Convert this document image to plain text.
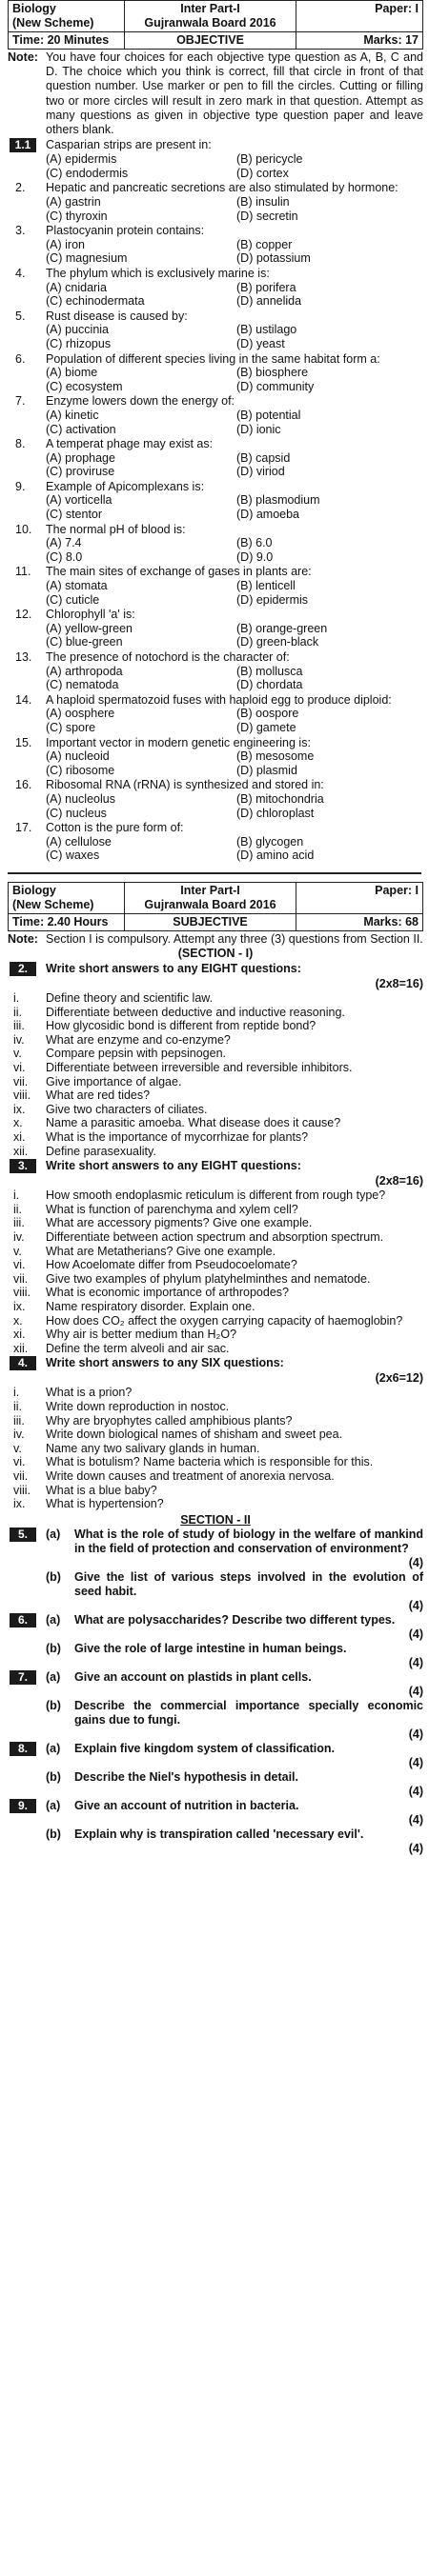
Biology
(New Scheme)
Inter Part-I
Gujranwala Board 2016
Paper: I

Time: 20 Minutes	OBJECTIVE	Marks: 17
Note: You have four choices for each objective type question as A, B, C and D. The choice which you think is correct, fill that circle in front of that question number. Use marker or pen to fill the circles. Cutting or filling two or more circles will result in zero mark in that question. Attempt as many questions as given in objective type question paper and leave others blank.
1.1	Casparian strips are present in:
(A) epidermis	(B) pericycle
(C) endodermis	(D) cortex
2.	Hepatic and pancreatic secretions are also stimulated by hormone:
(A) gastrin	(B) insulin
(C) thyroxin	(D) secretin
3.	Plastocyanin protein contains:
(A) iron	(B) copper
(C) magnesium	(D) potassium
4.	The phylum which is exclusively marine is:
(A) cnidaria	(B) porifera
(C) echinodermata	(D) annelida
5.	Rust disease is caused by:
(A) puccinia	(B) ustilago
(C) rhizopus	(D) yeast
6.	Population of different species living in the same habitat form a:
(A) biome	(B) biosphere
(C) ecosystem	(D) community
7.	Enzyme lowers down the energy of:
(A) kinetic	(B) potential
(C) activation	(D) ionic
8.	A temperat phage may exist as:
(A) prophage	(B) capsid
(C) proviruse	(D) viriod
9.	Example of Apicomplexans is:
(A) vorticella	(B) plasmodium
(C) stentor	(D) amoeba
10.	The normal pH of blood is:
(A) 7.4	(B) 6.0
(C) 8.0	(D) 9.0
11.	The main sites of exchange of gases in plants are:
(A) stomata	(B) lenticell
(C) cuticle	(D) epidermis
12.	Chlorophyll 'a' is:
(A) yellow-green	(B) orange-green
(C) blue-green	(D) green-black
13.	The presence of notochord is the character of:
(A) arthropoda	(B) mollusca
(C) nematoda	(D) chordata
14.	A haploid spermatozoid fuses with haploid egg to produce diploid:
(A) oosphere	(B) oospore
(C) spore	(D) gamete
15.	Important vector in modern genetic engineering is:
(A) nucleoid	(B) mesosome
(C) ribosome	(D) plasmid
16.	Ribosomal RNA (rRNA) is synthesized and stored in:
(A) nucleolus	(B) mitochondria
(C) nucleus	(D) chloroplast
17.	Cotton is the pure form of:
(A) cellulose	(B) glycogen
(C) waxes	(D) amino acid
Biology
(New Scheme)
Inter Part-I
Gujranwala Board 2016
Paper: I

Time: 2.40 Hours	SUBJECTIVE	Marks: 68
Note: Section I is compulsory. Attempt any three (3) questions from Section II.
(SECTION - I)
2.	Write short answers to any EIGHT questions:
(2x8=16)
i.	Define theory and scientific law.
ii.	Differentiate between deductive and inductive reasoning.
iii.	How glycosidic bond is different from reptide bond?
iv.	What are enzyme and co-enzyme?
v.	Compare pepsin with pepsinogen.
vi.	Differentiate between irreversible and reversible inhibitors.
vii.	Give importance of algae.
viii.	What are red tides?
ix.	Give two characters of ciliates.
x.	Name a parasitic amoeba. What disease does it cause?
xi.	What is the importance of mycorrhizae for plants?
xii.	Define parasexuality.
3.	Write short answers to any EIGHT questions:
(2x8=16)
i.	How smooth endoplasmic reticulum is different from rough type?
ii.	What is function of parenchyma and xylem cell?
iii.	What are accessory pigments? Give one example.
iv.	Differentiate between action spectrum and absorption spectrum.
v.	What are Metatherians? Give one example.
vi.	How Acoelomate differ from Pseudocoelomate?
vii.	Give two examples of phylum platyhelminthes and nematode.
viii.	What is economic importance of arthropodes?
ix.	Name respiratory disorder. Explain one.
x.	How does CO₂ affect the oxygen carrying capacity of haemoglobin?
xi.	Why air is better medium than H₂O?
xii.	Define the term alveoli and air sac.
4.	Write short answers to any SIX questions:
(2x6=12)
i.	What is a prion?
ii.	Write down reproduction in nostoc.
iii.	Why are bryophytes called amphibious plants?
iv.	Write down biological names of shisham and sweet pea.
v.	Name any two salivary glands in human.
vi.	What is botulism? Name bacteria which is responsible for this.
vii.	Write down causes and treatment of anorexia nervosa.
viii.	What is a blue baby?
ix.	What is hypertension?
SECTION - II
5.	(a)	What is the role of study of biology in the welfare of mankind in the field of protection and conservation of environment?
(4)
(b)	Give the list of various steps involved in the evolution of seed habit.
(4)
6.	(a)	What are polysaccharides? Describe two different types.
(4)
(b)	Give the role of large intestine in human beings.
(4)
7.	(a)	Give an account on plastids in plant cells.
(4)
(b)	Describe the commercial importance specially economic gains due to fungi.
(4)
8.	(a)	Explain five kingdom system of classification.
(4)
(b)	Describe the Niel's hypothesis in detail.
(4)
9.	(a)	Give an account of nutrition in bacteria.
(4)
(b)	Explain why is transpiration called 'necessary evil'.
(4)
